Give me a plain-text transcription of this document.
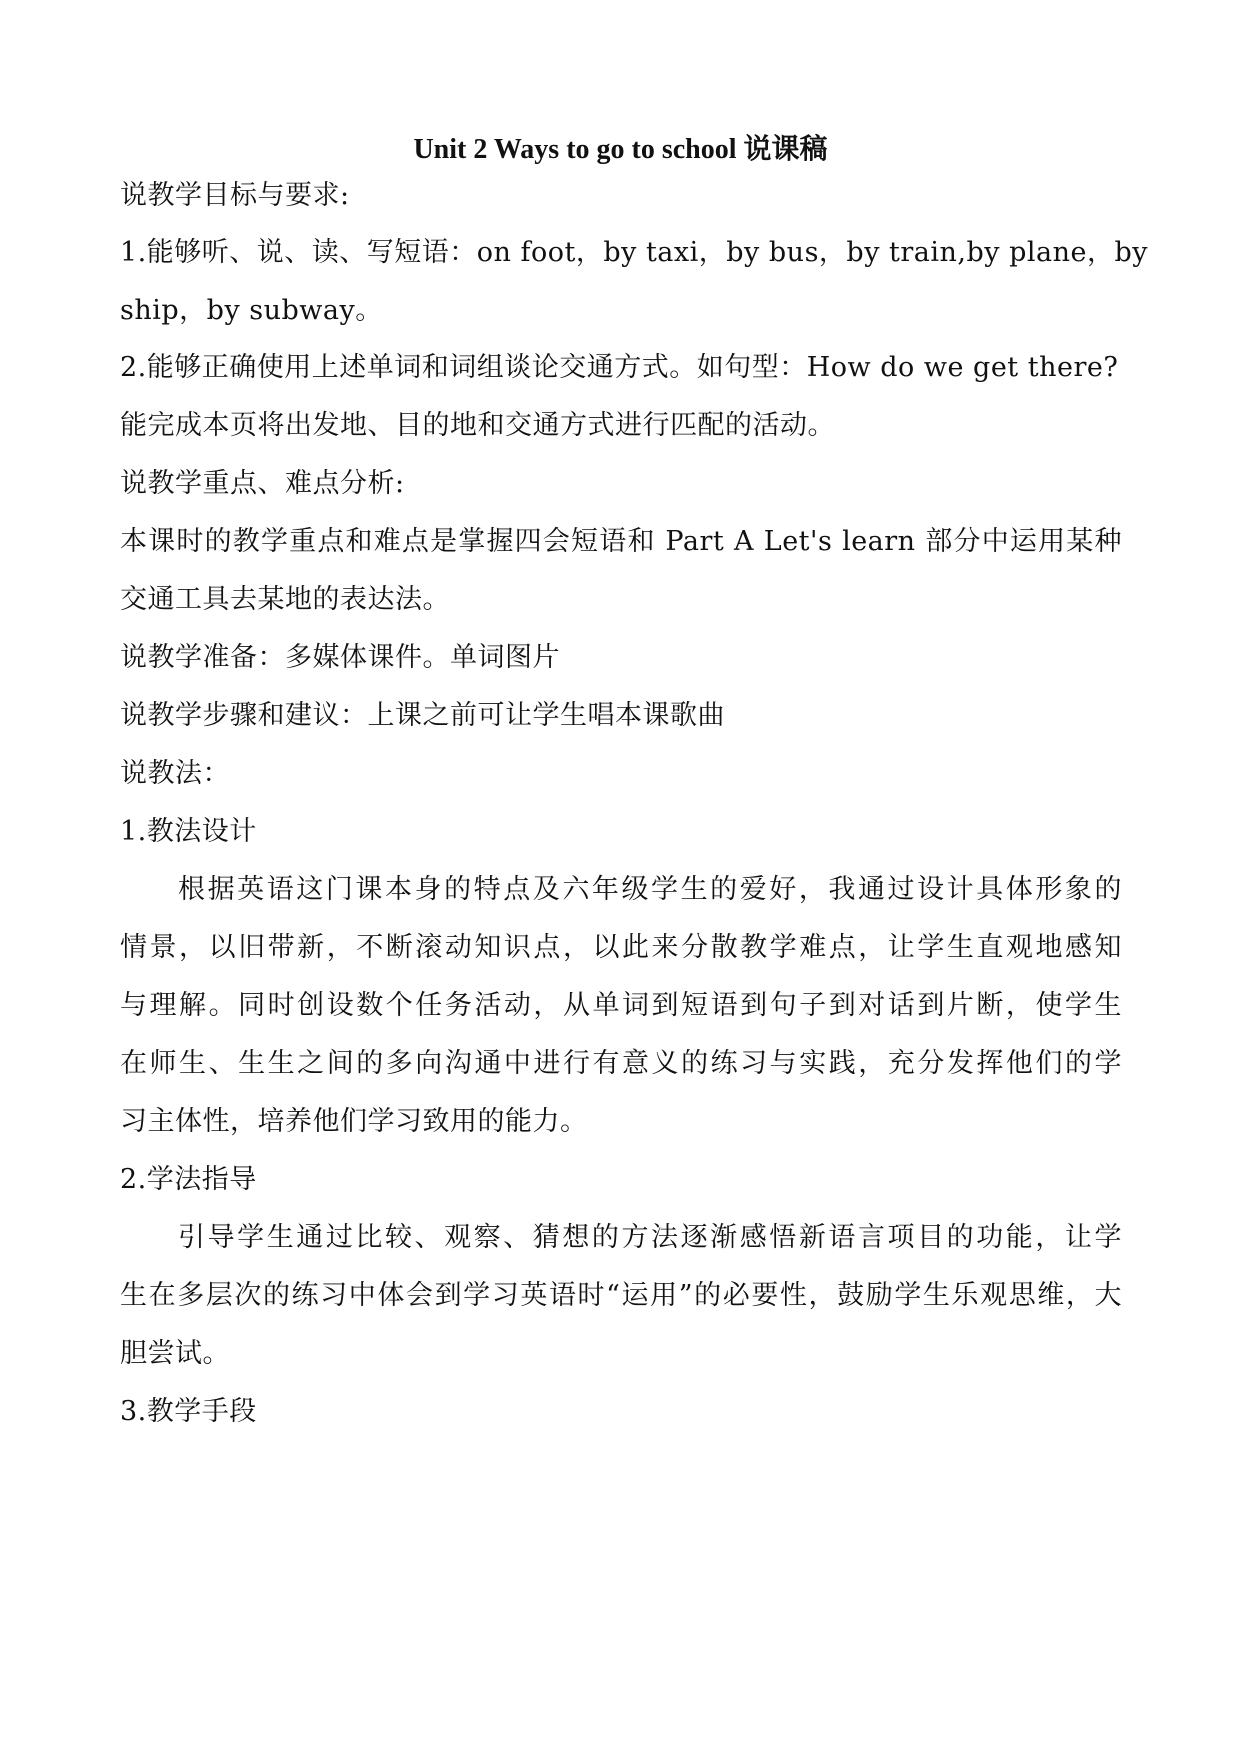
Unit 2 Ways to go to school 说课稿
说教学目标与要求:
1.能够听、说、读、写短语：on foot，by taxi，by bus，by train,by plane，by
ship，by subway。
2.能够正确使用上述单词和词组谈论交通方式。如句型：How do we get there?
能完成本页将出发地、目的地和交通方式进行匹配的活动。
说教学重点、难点分析:
本课时的教学重点和难点是掌握四会短语和 Part A Let's learn 部分中运用某种
交通工具去某地的表达法。
说教学准备：多媒体课件。单词图片
说教学步骤和建议：上课之前可让学生唱本课歌曲
说教法：
1.教法设计
根据英语这门课本身的特点及六年级学生的爱好，我通过设计具体形象的
情景，以旧带新，不断滚动知识点，以此来分散教学难点，让学生直观地感知
与理解。同时创设数个任务活动，从单词到短语到句子到对话到片断，使学生
在师生、生生之间的多向沟通中进行有意义的练习与实践，充分发挥他们的学
习主体性，培养他们学习致用的能力。
2.学法指导
引导学生通过比较、观察、猜想的方法逐渐感悟新语言项目的功能，让学
生在多层次的练习中体会到学习英语时“运用”的必要性，鼓励学生乐观思维，大
胆尝试。
3.教学手段
